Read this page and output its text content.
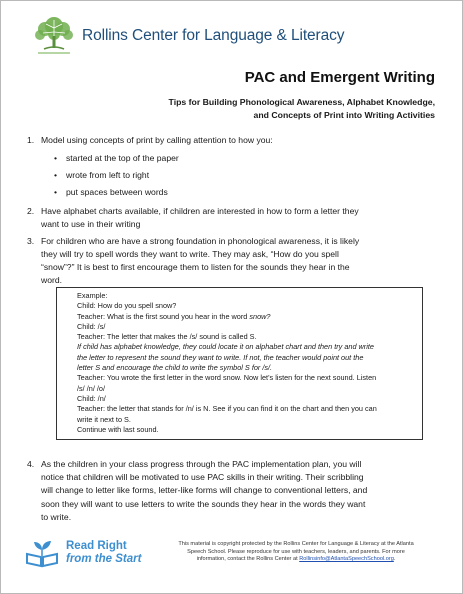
Rollins Center for Language & Literacy
PAC and Emergent Writing
Tips for Building Phonological Awareness, Alphabet Knowledge,
and Concepts of Print into Writing Activities
1. Model using concepts of print by calling attention to how you:
• started at the top of the paper
• wrote from left to right
• put spaces between words
2. Have alphabet charts available, if children are interested in how to form a letter they
want to use in their writing
3. For children who are have a strong foundation in phonological awareness, it is likely
they will try to spell words they want to write. They may ask, “How do you spell
“snow”?” It is best to first encourage them to listen for the sounds they hear in the
word.
Example:
Child: How do you spell snow?
Teacher: What is the first sound you hear in the word snow?
Child: /s/
Teacher: The letter that makes the /s/ sound is called S.
If child has alphabet knowledge, they could locate it on alphabet chart and then try and write
the letter to represent the sound they want to write. If not, the teacher would point out the
letter S and encourage the child to write the symbol S for /s/.
Teacher: You wrote the first letter in the word snow. Now let’s listen for the next sound. Listen
/s/ /n/ /o/
Child: /n/
Teacher: the letter that stands for /n/ is N. See if you can find it on the chart and then you can
write it next to S.
Continue with last sound.
4. As the children in your class progress through the PAC implementation plan, you will
notice that children will be motivated to use PAC skills in their writing. Their scribbling
will change to letter like forms, letter-like forms will change to conventional letters, and
soon they will want to use letters to write the sounds they hear in the words they want
to write.
Read Right
from the Start
This material is copyright protected by the Rollins Center for Language & Literacy at the Atlanta
Speech School. Please reproduce for use with teachers, leaders, and parents. For more
information, contact the Rollins Center at Rollinsinfo@AtlantaSpeechSchool.org.
